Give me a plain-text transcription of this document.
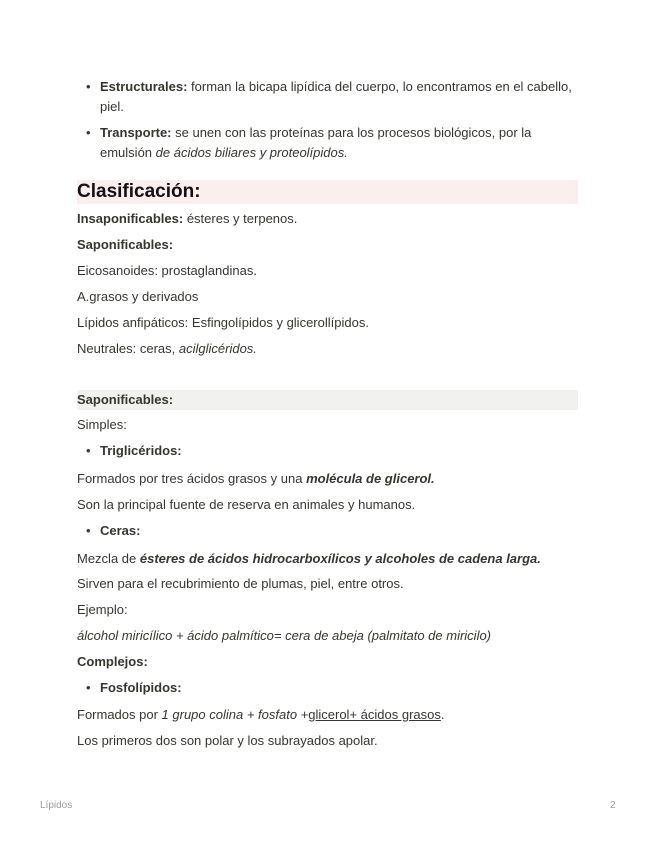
• Estructurales: forman la bicapa lipídica del cuerpo, lo encontramos en el cabello, piel.
• Transporte: se unen con las proteínas para los procesos biológicos, por la emulsión de ácidos biliares y proteolípidos.
Clasificación:

Insaponificables: ésteres y terpenos.

Saponificables:

Eicosanoides: prostaglandinas.

A.grasos y derivados

Lípidos anfipáticos: Esfingolípidos y glicerollípidos.

Neutrales: ceras, acilglicéridos.

Saponificables:

Simples:

• Triglicéridos:

Formados por tres ácidos grasos y una molécula de glicerol.

Son la principal fuente de reserva en animales y humanos.

• Ceras:

Mezcla de ésteres de ácidos hidrocarboxílicos y alcoholes de cadena larga.

Sirven para el recubrimiento de plumas, piel, entre otros.

Ejemplo:

álcohol miricílico + ácido palmítico= cera de abeja (palmitato de miricilo)

Complejos:

• Fosfolípidos:

Formados por 1 grupo colina + fosfato +glicerol+ ácidos grasos.

Los primeros dos son polar y los subrayados apolar.

Lípidos	2
